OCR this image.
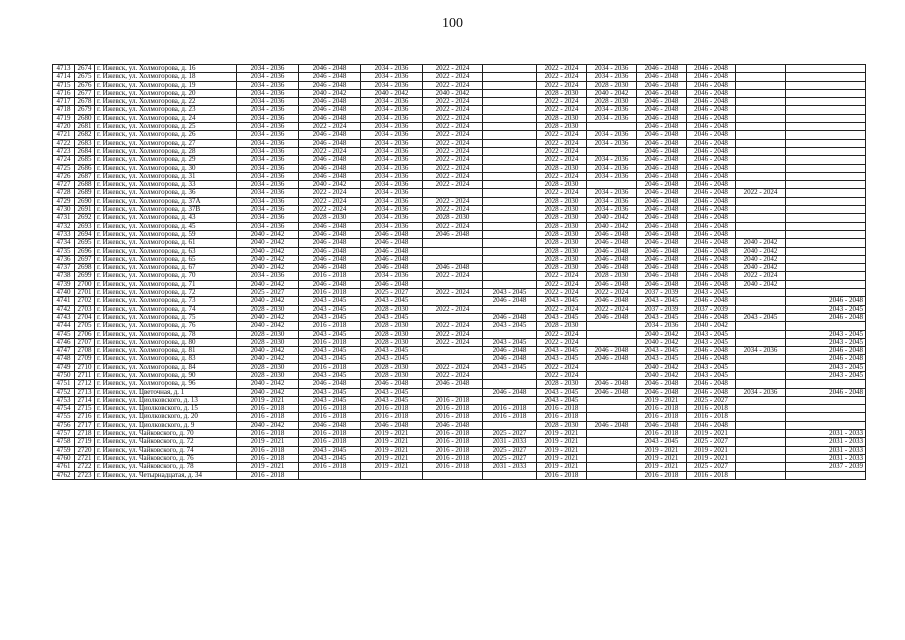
100
4713	2674	г. Ижевск, ул. Холмогорова, д. 16	2034 - 2036	2046 - 2048	2034 - 2036	2022 - 2024		2022 - 2024	2034 - 2036	2046 - 2048	2046 - 2048		
4714	2675	г. Ижевск, ул. Холмогорова, д. 18	2034 - 2036	2046 - 2048	2034 - 2036	2022 - 2024		2022 - 2024	2034 - 2036	2046 - 2048	2046 - 2048		
4715	2676	г. Ижевск, ул. Холмогорова, д. 19	2034 - 2036	2046 - 2048	2034 - 2036	2022 - 2024		2022 - 2024	2028 - 2030	2046 - 2048	2046 - 2048		
4716	2677	г. Ижевск, ул. Холмогорова, д. 20	2034 - 2036	2040 - 2042	2040 - 2042	2040 - 2042		2028 - 2030	2040 - 2042	2046 - 2048	2046 - 2048		
4717	2678	г. Ижевск, ул. Холмогорова, д. 22	2034 - 2036	2046 - 2048	2034 - 2036	2022 - 2024		2022 - 2024	2028 - 2030	2046 - 2048	2046 - 2048		
4718	2679	г. Ижевск, ул. Холмогорова, д. 23	2034 - 2036	2046 - 2048	2034 - 2036	2022 - 2024		2022 - 2024	2034 - 2036	2046 - 2048	2046 - 2048		
4719	2680	г. Ижевск, ул. Холмогорова, д. 24	2034 - 2036	2046 - 2048	2034 - 2036	2022 - 2024		2028 - 2030	2034 - 2036	2046 - 2048	2046 - 2048		
4720	2681	г. Ижевск, ул. Холмогорова, д. 25	2034 - 2036	2022 - 2024	2034 - 2036	2022 - 2024		2028 - 2030		2046 - 2048	2046 - 2048		
4721	2682	г. Ижевск, ул. Холмогорова, д. 26	2034 - 2036	2046 - 2048	2034 - 2036	2022 - 2024		2022 - 2024	2034 - 2036	2046 - 2048	2046 - 2048		
4722	2683	г. Ижевск, ул. Холмогорова, д. 27	2034 - 2036	2046 - 2048	2034 - 2036	2022 - 2024		2022 - 2024	2034 - 2036	2046 - 2048	2046 - 2048		
4723	2684	г. Ижевск, ул. Холмогорова, д. 28	2034 - 2036	2022 - 2024	2034 - 2036	2022 - 2024		2022 - 2024		2046 - 2048	2046 - 2048		
4724	2685	г. Ижевск, ул. Холмогорова, д. 29	2034 - 2036	2046 - 2048	2034 - 2036	2022 - 2024		2022 - 2024	2034 - 2036	2046 - 2048	2046 - 2048		
4725	2686	г. Ижевск, ул. Холмогорова, д. 30	2034 - 2036	2046 - 2048	2034 - 2036	2022 - 2024		2028 - 2030	2034 - 2036	2046 - 2048	2046 - 2048		
4726	2687	г. Ижевск, ул. Холмогорова, д. 31	2034 - 2036	2046 - 2048	2034 - 2036	2022 - 2024		2022 - 2024	2034 - 2036	2046 - 2048	2046 - 2048		
4727	2688	г. Ижевск, ул. Холмогорова, д. 33	2034 - 2036	2040 - 2042	2034 - 2036	2022 - 2024		2028 - 2030		2046 - 2048	2046 - 2048		
4728	2689	г. Ижевск, ул. Холмогорова, д. 36	2034 - 2036	2022 - 2024	2034 - 2036			2022 - 2024	2034 - 2036	2046 - 2048	2046 - 2048	2022 - 2024	
4729	2690	г. Ижевск, ул. Холмогорова, д. 37А	2034 - 2036	2022 - 2024	2034 - 2036	2022 - 2024		2028 - 2030	2034 - 2036	2046 - 2048	2046 - 2048		
4730	2691	г. Ижевск, ул. Холмогорова, д. 37В	2034 - 2036	2022 - 2024	2034 - 2036	2022 - 2024		2028 - 2030	2034 - 2036	2046 - 2048	2046 - 2048		
4731	2692	г. Ижевск, ул. Холмогорова, д. 43	2034 - 2036	2028 - 2030	2034 - 2036	2028 - 2030		2028 - 2030	2040 - 2042	2046 - 2048	2046 - 2048		
4732	2693	г. Ижевск, ул. Холмогорова, д. 45	2034 - 2036	2046 - 2048	2034 - 2036	2022 - 2024		2028 - 2030	2040 - 2042	2046 - 2048	2046 - 2048		
4733	2694	г. Ижевск, ул. Холмогорова, д. 59	2040 - 2042	2046 - 2048	2046 - 2048	2046 - 2048		2028 - 2030	2046 - 2048	2046 - 2048	2046 - 2048		
4734	2695	г. Ижевск, ул. Холмогорова, д. 61	2040 - 2042	2046 - 2048	2046 - 2048			2028 - 2030	2046 - 2048	2046 - 2048	2046 - 2048	2040 - 2042	
4735	2696	г. Ижевск, ул. Холмогорова, д. 63	2040 - 2042	2046 - 2048	2046 - 2048			2028 - 2030	2046 - 2048	2046 - 2048	2046 - 2048	2040 - 2042	
4736	2697	г. Ижевск, ул. Холмогорова, д. 65	2040 - 2042	2046 - 2048	2046 - 2048			2028 - 2030	2046 - 2048	2046 - 2048	2046 - 2048	2040 - 2042	
4737	2698	г. Ижевск, ул. Холмогорова, д. 67	2040 - 2042	2046 - 2048	2046 - 2048	2046 - 2048		2028 - 2030	2046 - 2048	2046 - 2048	2046 - 2048	2040 - 2042	
4738	2699	г. Ижевск, ул. Холмогорова, д. 70	2034 - 2036	2016 - 2018	2034 - 2036	2022 - 2024		2022 - 2024	2028 - 2030	2046 - 2048	2046 - 2048	2022 - 2024	
4739	2700	г. Ижевск, ул. Холмогорова, д. 71	2040 - 2042	2046 - 2048	2046 - 2048			2022 - 2024	2046 - 2048	2046 - 2048	2046 - 2048	2040 - 2042	
4740	2701	г. Ижевск, ул. Холмогорова, д. 72	2025 - 2027	2016 - 2018	2025 - 2027	2022 - 2024	2043 - 2045	2022 - 2024	2022 - 2024	2037 - 2039	2043 - 2045		
4741	2702	г. Ижевск, ул. Холмогорова, д. 73	2040 - 2042	2043 - 2045	2043 - 2045		2046 - 2048	2043 - 2045	2046 - 2048	2043 - 2045	2046 - 2048		2046 - 2048
4742	2703	г. Ижевск, ул. Холмогорова, д. 74	2028 - 2030	2043 - 2045	2028 - 2030	2022 - 2024		2022 - 2024	2022 - 2024	2037 - 2039	2037 - 2039		2043 - 2045
4743	2704	г. Ижевск, ул. Холмогорова, д. 75	2040 - 2042	2043 - 2045	2043 - 2045		2046 - 2048	2043 - 2045	2046 - 2048	2043 - 2045	2046 - 2048	2043 - 2045	2046 - 2048
4744	2705	г. Ижевск, ул. Холмогорова, д. 76	2040 - 2042	2016 - 2018	2028 - 2030	2022 - 2024	2043 - 2045	2028 - 2030		2034 - 2036	2040 - 2042		
4745	2706	г. Ижевск, ул. Холмогорова, д. 78	2028 - 2030	2043 - 2045	2028 - 2030	2022 - 2024		2022 - 2024		2040 - 2042	2043 - 2045		2043 - 2045
4746	2707	г. Ижевск, ул. Холмогорова, д. 80	2028 - 2030	2016 - 2018	2028 - 2030	2022 - 2024	2043 - 2045	2022 - 2024		2040 - 2042	2043 - 2045		2043 - 2045
4747	2708	г. Ижевск, ул. Холмогорова, д. 81	2040 - 2042	2043 - 2045	2043 - 2045		2046 - 2048	2043 - 2045	2046 - 2048	2043 - 2045	2046 - 2048	2034 - 2036	2046 - 2048
4748	2709	г. Ижевск, ул. Холмогорова, д. 83	2040 - 2042	2043 - 2045	2043 - 2045		2046 - 2048	2043 - 2045	2046 - 2048	2043 - 2045	2046 - 2048		2046 - 2048
4749	2710	г. Ижевск, ул. Холмогорова, д. 84	2028 - 2030	2016 - 2018	2028 - 2030	2022 - 2024	2043 - 2045	2022 - 2024		2040 - 2042	2043 - 2045		2043 - 2045
4750	2711	г. Ижевск, ул. Холмогорова, д. 90	2028 - 2030	2043 - 2045	2028 - 2030	2022 - 2024		2022 - 2024		2040 - 2042	2043 - 2045		2043 - 2045
4751	2712	г. Ижевск, ул. Холмогорова, д. 96	2040 - 2042	2046 - 2048	2046 - 2048	2046 - 2048		2028 - 2030	2046 - 2048	2046 - 2048	2046 - 2048		
4752	2713	г. Ижевск, ул. Цветочная, д. 1	2040 - 2042	2043 - 2045	2043 - 2045		2046 - 2048	2043 - 2045	2046 - 2048	2046 - 2048	2046 - 2048	2034 - 2036	2046 - 2048
4753	2714	г. Ижевск, ул. Циолковского, д. 13	2019 - 2021	2043 - 2045	2043 - 2045	2016 - 2018		2043 - 2045		2019 - 2021	2025 - 2027		
4754	2715	г. Ижевск, ул. Циолковского, д. 15	2016 - 2018	2016 - 2018	2016 - 2018	2016 - 2018	2016 - 2018	2016 - 2018		2016 - 2018	2016 - 2018		
4755	2716	г. Ижевск, ул. Циолковского, д. 20	2016 - 2018	2016 - 2018	2016 - 2018	2016 - 2018	2016 - 2018	2016 - 2018		2016 - 2018	2016 - 2018		
4756	2717	г. Ижевск, ул. Циолковского, д. 9	2040 - 2042	2046 - 2048	2046 - 2048	2046 - 2048		2028 - 2030	2046 - 2048	2046 - 2048	2046 - 2048		
4757	2718	г. Ижевск, ул. Чайковского, д. 70	2016 - 2018	2016 - 2018	2019 - 2021	2016 - 2018	2025 - 2027	2019 - 2021		2016 - 2018	2019 - 2021		2031 - 2033
4758	2719	г. Ижевск, ул. Чайковского, д. 72	2019 - 2021	2016 - 2018	2019 - 2021	2016 - 2018	2031 - 2033	2019 - 2021		2043 - 2045	2025 - 2027		2031 - 2033
4759	2720	г. Ижевск, ул. Чайковского, д. 74	2016 - 2018	2043 - 2045	2019 - 2021	2016 - 2018	2025 - 2027	2019 - 2021		2019 - 2021	2019 - 2021		2031 - 2033
4760	2721	г. Ижевск, ул. Чайковского, д. 76	2016 - 2018	2043 - 2045	2019 - 2021	2016 - 2018	2025 - 2027	2019 - 2021		2019 - 2021	2019 - 2021		2031 - 2033
4761	2722	г. Ижевск, ул. Чайковского, д. 78	2019 - 2021	2016 - 2018	2019 - 2021	2016 - 2018	2031 - 2033	2019 - 2021		2019 - 2021	2025 - 2027		2037 - 2039
4762	2723	г. Ижевск, ул. Четырнадцатая, д. 34	2016 - 2018					2016 - 2018		2016 - 2018	2016 - 2018		
